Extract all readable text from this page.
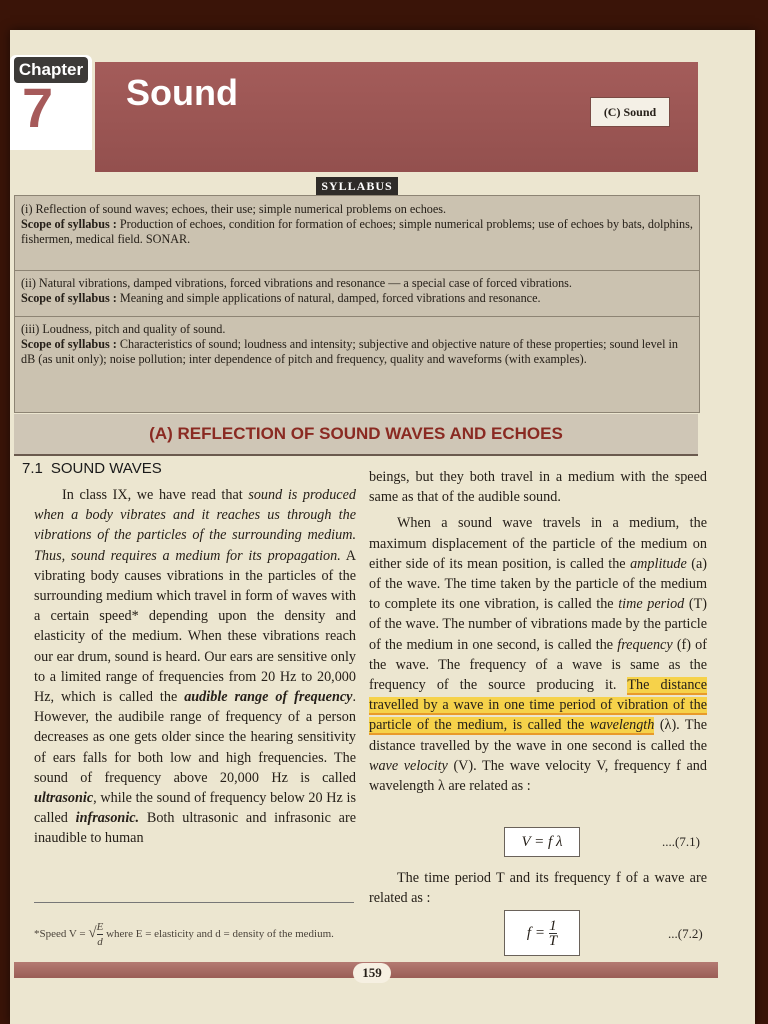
Chapter
7 Sound	(C) Sound
SYLLABUS
(i) Reflection of sound waves; echoes, their use; simple numerical problems on echoes.
Scope of syllabus : Production of echoes, condition for formation of echoes; simple numerical problems; use of echoes by bats, dolphins, fishermen, medical field. SONAR.
(ii) Natural vibrations, damped vibrations, forced vibrations and resonance — a special case of forced vibrations.
Scope of syllabus : Meaning and simple applications of natural, damped, forced vibrations and resonance.
(iii) Loudness, pitch and quality of sound.
Scope of syllabus : Characteristics of sound; loudness and intensity; subjective and objective nature of these properties; sound level in dB (as unit only); noise pollution; inter dependence of pitch and frequency, quality and waveforms (with examples).
(A) REFLECTION OF SOUND WAVES AND ECHOES
7.1 SOUND WAVES

In class IX, we have read that sound is produced when a body vibrates and it reaches us through the vibrations of the particles of the surrounding medium. Thus, sound requires a medium for its propagation. A vibrating body causes vibrations in the particles of the surrounding medium which travel in form of waves with a certain speed* depending upon the density and elasticity of the medium. When these vibrations reach our ear drum, sound is heard. Our ears are sensitive only to a limited range of frequencies from 20 Hz to 20,000 Hz, which is called the audible range of frequency. However, the audibile range of frequency of a person decreases as one gets older since the hearing sensitivity of ears falls for both low and high frequencies. The sound of frequency above 20,000 Hz is called ultrasonic, while the sound of frequency below 20 Hz is called infrasonic. Both ultrasonic and infrasonic are inaudible to human

beings, but they both travel in a medium with the speed same as that of the audible sound.

When a sound wave travels in a medium, the maximum displacement of the particle of the medium on either side of its mean position, is called the amplitude (a) of the wave. The time taken by the particle of the medium to complete its one vibration, is called the time period (T) of the wave. The number of vibrations made by the particle of the medium in one second, is called the frequency (f) of the wave. The frequency of a wave is same as the frequency of the source producing it. The distance travelled by a wave in one time period of vibration of the particle of the medium, is called the wavelength (λ). The distance travelled by the wave in one second is called the wave velocity (V). The wave velocity V, frequency f and wavelength λ are related as :

V = f λ	....(7.1)

The time period T and its frequency f of a wave are related as :

$f = \frac{1}{T}$	...(7.2)
*Speed V = √ $\frac{E}{d}$ where E = elasticity and d = density of the medium.
159
